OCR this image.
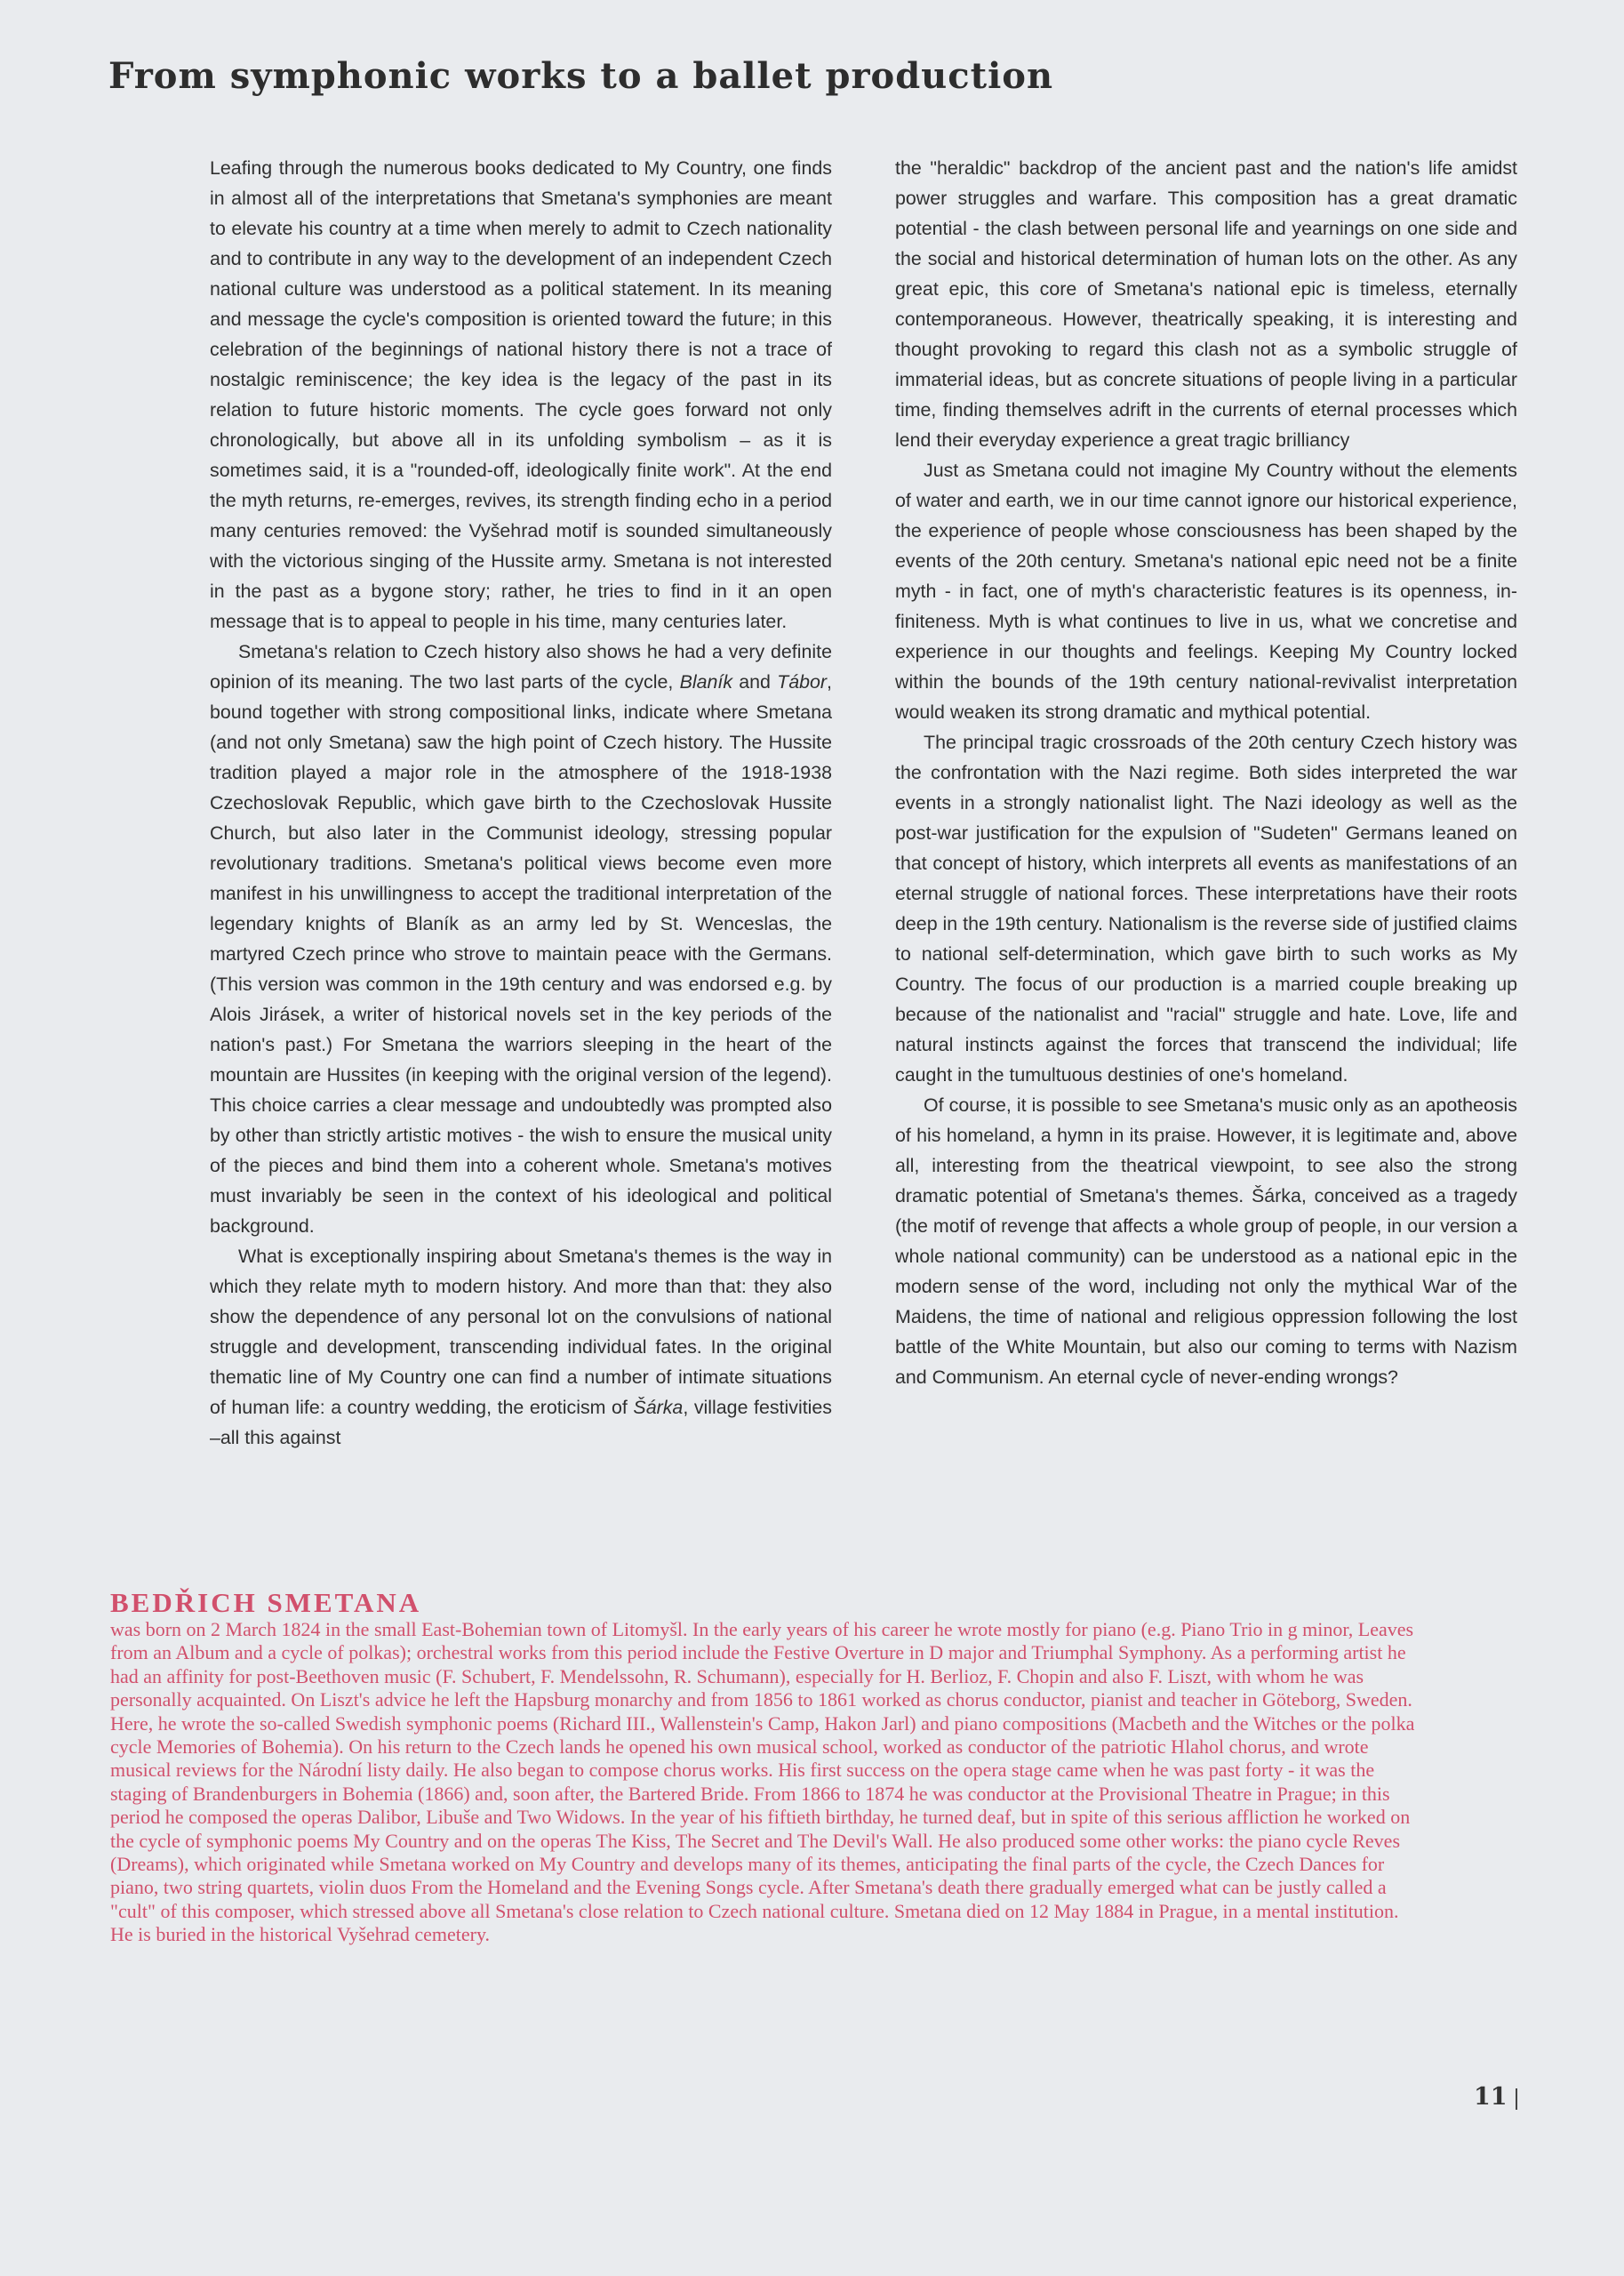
From symphonic works to a ballet production

Leafing through the numerous books dedicated to My Country, one finds in almost all of the interpretations that Smetana's symphonies are meant to elevate his country at a time when merely to admit to Czech nationality and to contribute in any way to the development of an independent Czech national culture was understood as a political statement. In its meaning and message the cycle's composition is oriented toward the future; in this celebration of the beginnings of national history there is not a trace of nostalgic reminiscence; the key idea is the legacy of the past in its relation to future historic moments. The cycle goes forward not only chronologically, but above all in its unfolding symbolism – as it is sometimes said, it is a "rounded-off, ideologically finite work". At the end the myth returns, re-emerges, revives, its strength finding echo in a period many centuries removed: the Vyšehrad motif is sounded simultaneously with the victorious singing of the Hussite army. Smetana is not interested in the past as a bygone story; rather, he tries to find in it an open message that is to appeal to people in his time, many centuries later.

Smetana's relation to Czech history also shows he had a very definite opinion of its meaning. The two last parts of the cycle, Blaník and Tábor, bound together with strong compositional links, indicate where Smetana (and not only Smetana) saw the high point of Czech history. The Hussite tradition played a major role in the atmosphere of the 1918-1938 Czechoslovak Republic, which gave birth to the Czechoslovak Hussite Church, but also later in the Communist ideology, stressing popular revolutionary traditions. Smetana's political views become even more manifest in his unwillingness to accept the traditional interpretation of the legendary knights of Blaník as an army led by St. Wenceslas, the martyred Czech prince who strove to maintain peace with the Germans. (This version was common in the 19th century and was endorsed e.g. by Alois Jirásek, a writer of historical novels set in the key periods of the nation's past.) For Smetana the warriors sleeping in the heart of the mountain are Hussites (in keeping with the original version of the legend). This choice carries a clear message and undoubtedly was prompted also by other than strictly artistic motives - the wish to ensure the musical unity of the pieces and bind them into a coherent whole. Smetana's motives must invariably be seen in the context of his ideological and political background.

What is exceptionally inspiring about Smetana's themes is the way in which they relate myth to modern history. And more than that: they also show the dependence of any personal lot on the convulsions of national struggle and development, transcending individual fates. In the original thematic line of My Country one can find a number of intimate situations of human life: a country wedding, the eroticism of Šárka, village festivities –all this against

the "heraldic" backdrop of the ancient past and the nation's life amidst power struggles and warfare. This composition has a great dramatic potential - the clash between personal life and yearnings on one side and the social and historical determination of human lots on the other. As any great epic, this core of Smetana's national epic is timeless, eternally contemporaneous. However, theatrically speaking, it is interesting and thought provoking to regard this clash not as a symbolic struggle of immaterial ideas, but as concrete situations of people living in a particular time, finding themselves adrift in the currents of eternal processes which lend their everyday experience a great tragic brilliancy

Just as Smetana could not imagine My Country without the elements of water and earth, we in our time cannot ignore our historical experience, the experience of people whose consciousness has been shaped by the events of the 20th century. Smetana's national epic need not be a finite myth - in fact, one of myth's characteristic features is its openness, in-finiteness. Myth is what continues to live in us, what we concretise and experience in our thoughts and feelings. Keeping My Country locked within the bounds of the 19th century national-revivalist interpretation would weaken its strong dramatic and mythical potential.

The principal tragic crossroads of the 20th century Czech history was the confrontation with the Nazi regime. Both sides interpreted the war events in a strongly nationalist light. The Nazi ideology as well as the post-war justification for the expulsion of "Sudeten" Germans leaned on that concept of history, which interprets all events as manifestations of an eternal struggle of national forces. These interpretations have their roots deep in the 19th century. Nationalism is the reverse side of justified claims to national self-determination, which gave birth to such works as My Country. The focus of our production is a married couple breaking up because of the nationalist and "racial" struggle and hate. Love, life and natural instincts against the forces that transcend the individual; life caught in the tumultuous destinies of one's homeland.

Of course, it is possible to see Smetana's music only as an apotheosis of his homeland, a hymn in its praise. However, it is legitimate and, above all, interesting from the theatrical viewpoint, to see also the strong dramatic potential of Smetana's themes. Šárka, conceived as a tragedy (the motif of revenge that affects a whole group of people, in our version a whole national community) can be understood as a national epic in the modern sense of the word, including not only the mythical War of the Maidens, the time of national and religious oppression following the lost battle of the White Mountain, but also our coming to terms with Nazism and Communism. An eternal cycle of never-ending wrongs?

BEDŘICH SMETANA

was born on 2 March 1824 in the small East-Bohemian town of Litomyšl. In the early years of his career he wrote mostly for piano (e.g. Piano Trio in g minor, Leaves from an Album and a cycle of polkas); orchestral works from this period include the Festive Overture in D major and Triumphal Symphony. As a performing artist he had an affinity for post-Beethoven music (F. Schubert, F. Mendelssohn, R. Schumann), especially for H. Berlioz, F. Chopin and also F. Liszt, with whom he was personally acquainted. On Liszt's advice he left the Hapsburg monarchy and from 1856 to 1861 worked as chorus conductor, pianist and teacher in Göteborg, Sweden. Here, he wrote the so-called Swedish symphonic poems (Richard III., Wallenstein's Camp, Hakon Jarl) and piano compositions (Macbeth and the Witches or the polka cycle Memories of Bohemia). On his return to the Czech lands he opened his own musical school, worked as conductor of the patriotic Hlahol chorus, and wrote musical reviews for the Národní listy daily. He also began to compose chorus works. His first success on the opera stage came when he was past forty - it was the staging of Brandenburgers in Bohemia (1866) and, soon after, the Bartered Bride. From 1866 to 1874 he was conductor at the Provisional Theatre in Prague; in this period he composed the operas Dalibor, Libuše and Two Widows. In the year of his fiftieth birthday, he turned deaf, but in spite of this serious affliction he worked on the cycle of symphonic poems My Country and on the operas The Kiss, The Secret and The Devil's Wall. He also produced some other works: the piano cycle Reves (Dreams), which originated while Smetana worked on My Country and develops many of its themes, anticipating the final parts of the cycle, the Czech Dances for piano, two string quartets, violin duos From the Homeland and the Evening Songs cycle. After Smetana's death there gradually emerged what can be justly called a "cult" of this composer, which stressed above all Smetana's close relation to Czech national culture. Smetana died on 12 May 1884 in Prague, in a mental institution. He is buried in the historical Vyšehrad cemetery.

11
